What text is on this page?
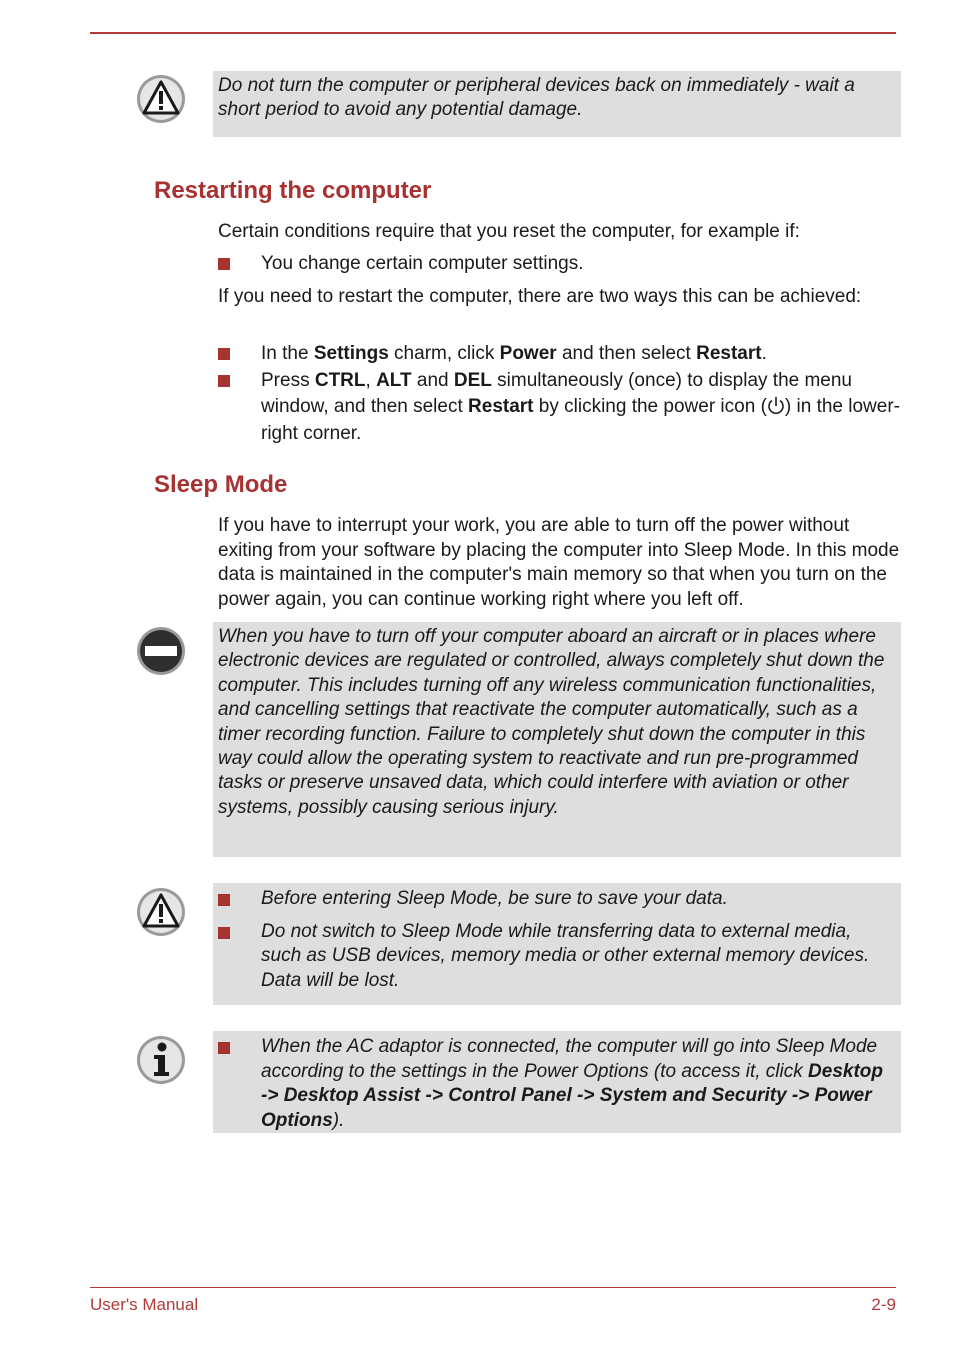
Do not turn the computer or peripheral devices back on immediately - wait a short period to avoid any potential damage.

Restarting the computer

Certain conditions require that you reset the computer, for example if:

You change certain computer settings.

If you need to restart the computer, there are two ways this can be achieved:

In the Settings charm, click Power and then select Restart.
Press CTRL, ALT and DEL simultaneously (once) to display the menu window, and then select Restart by clicking the power icon ( ) in the lower-right corner.
Sleep Mode

If you have to interrupt your work, you are able to turn off the power without exiting from your software by placing the computer into Sleep Mode. In this mode data is maintained in the computer's main memory so that when you turn on the power again, you can continue working right where you left off.

When you have to turn off your computer aboard an aircraft or in places where electronic devices are regulated or controlled, always completely shut down the computer. This includes turning off any wireless communication functionalities, and cancelling settings that reactivate the computer automatically, such as a timer recording function. Failure to completely shut down the computer in this way could allow the operating system to reactivate and run pre-programmed tasks or preserve unsaved data, which could interfere with aviation or other systems, possibly causing serious injury.

Before entering Sleep Mode, be sure to save your data.
Do not switch to Sleep Mode while transferring data to external media, such as USB devices, memory media or other external memory devices. Data will be lost.
When the AC adaptor is connected, the computer will go into Sleep Mode according to the settings in the Power Options (to access it, click Desktop -> Desktop Assist -> Control Panel -> System and Security -> Power Options).
User's Manual	2-9
